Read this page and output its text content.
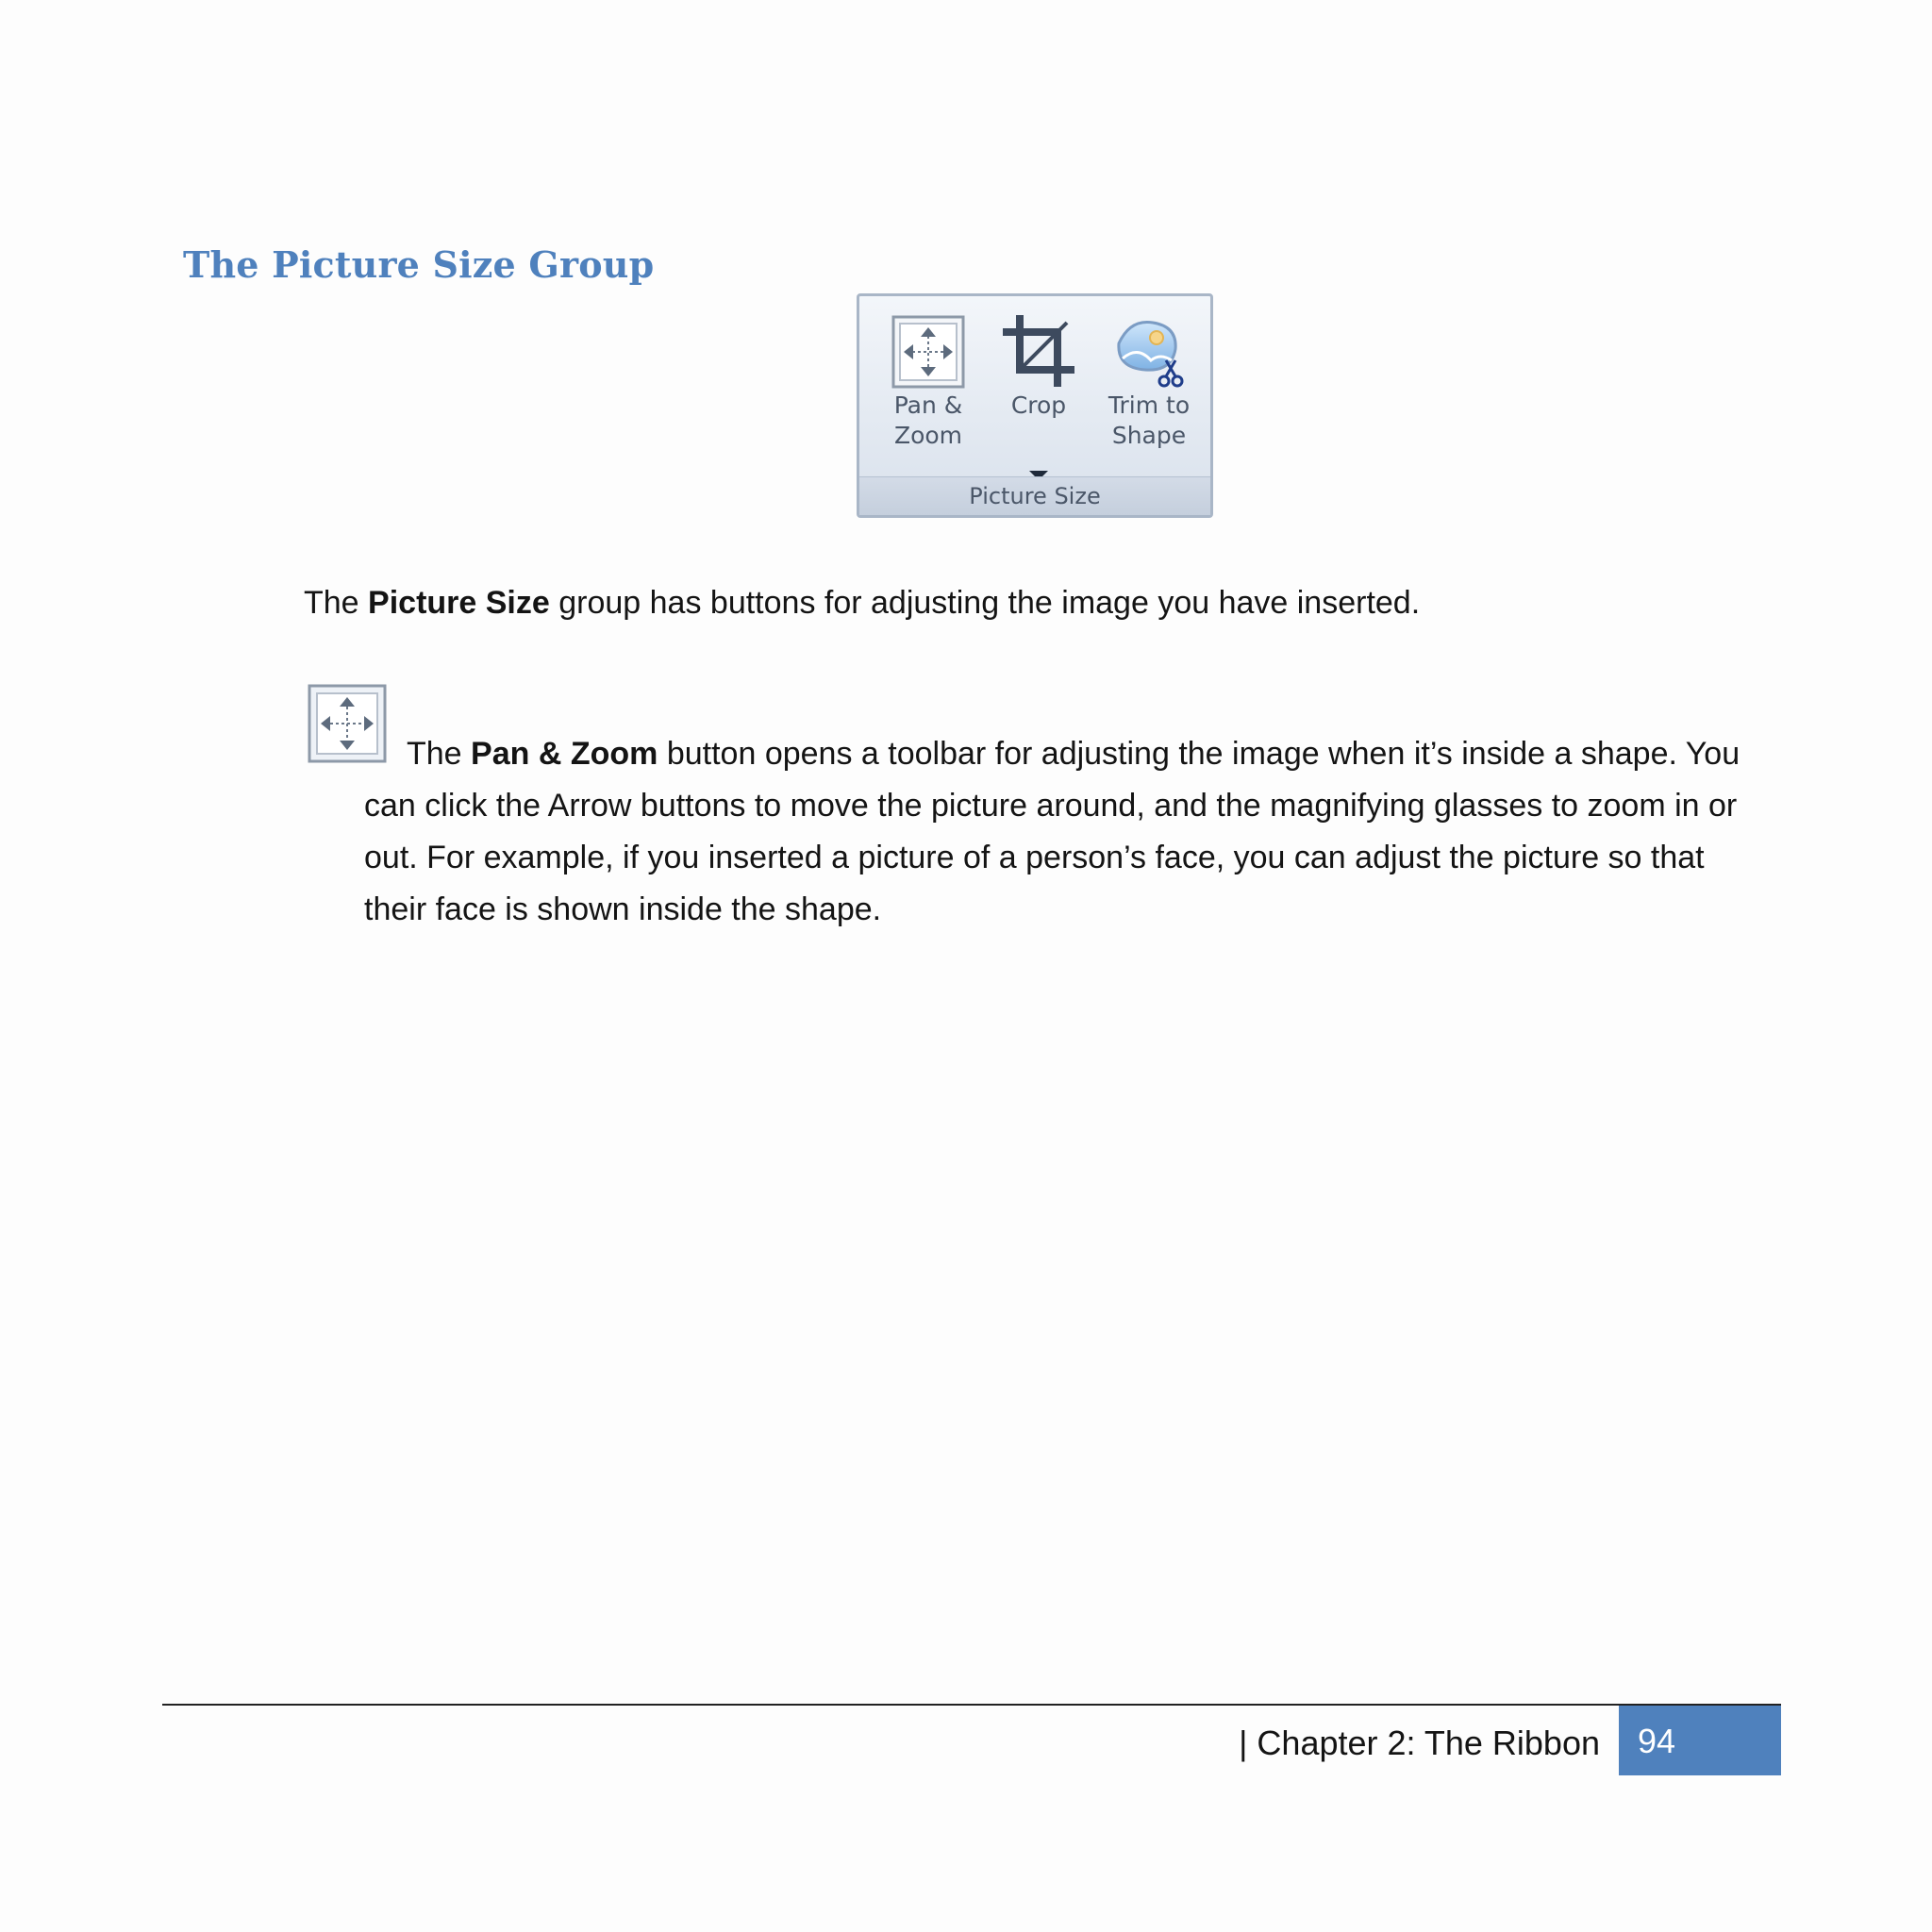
The Picture Size Group
Pan &
Zoom
Crop	Trim to
Shape
Picture Size

The Picture Size group has buttons for adjusting the image you have inserted.

The Pan & Zoom button opens a toolbar for adjusting the image when it’s inside a shape. You can click the Arrow buttons to move the picture around, and the magnifying glasses to zoom in or out. For example, if you inserted a picture of a person’s face, you can adjust the picture so that their face is shown inside the shape.

| Chapter 2: The Ribbon 94
